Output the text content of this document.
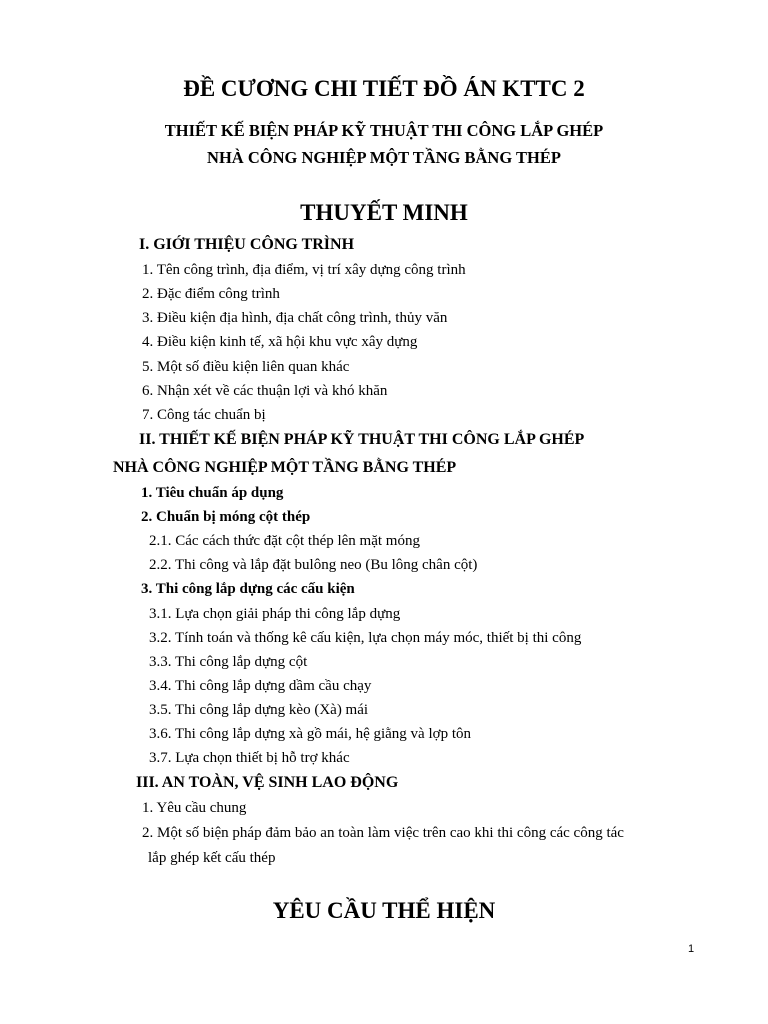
ĐỀ CƯƠNG CHI TIẾT ĐỒ ÁN KTTC 2
THIẾT KẾ BIỆN PHÁP KỸ THUẬT THI CÔNG LẮP GHÉP
NHÀ CÔNG NGHIỆP MỘT TẦNG BẰNG THÉP
THUYẾT MINH
I. GIỚI THIỆU CÔNG TRÌNH
1. Tên công trình, địa điểm, vị trí xây dựng công trình
2. Đặc điểm công trình
3. Điều kiện địa hình, địa chất công trình, thủy văn
4. Điều kiện kinh tế, xã hội khu vực xây dựng
5. Một số điều kiện liên quan khác
6. Nhận xét về các thuận lợi và khó khăn
7. Công tác chuẩn bị
II. THIẾT KẾ BIỆN PHÁP KỸ THUẬT THI CÔNG LẮP GHÉP
NHÀ CÔNG NGHIỆP MỘT TẦNG BẰNG THÉP
1. Tiêu chuẩn áp dụng
2. Chuẩn bị móng cột thép
2.1. Các cách thức đặt cột thép lên mặt móng
2.2. Thi công và lắp đặt bulông neo (Bu lông chân cột)
3. Thi công lắp dựng các cấu kiện
3.1. Lựa chọn giải pháp thi công lắp dựng
3.2. Tính toán và thống kê cấu kiện, lựa chọn máy móc, thiết bị thi công
3.3. Thi công lắp dựng cột
3.4. Thi công lắp dựng dầm cầu chạy
3.5. Thi công lắp dựng kèo (Xà) mái
3.6. Thi công lắp dựng xà gồ mái, hệ giằng và lợp tôn
3.7. Lựa chọn thiết bị hỗ trợ khác
III. AN TOÀN, VỆ SINH LAO ĐỘNG
1. Yêu cầu chung
2. Một số biện pháp đảm bảo an toàn làm việc trên cao khi thi công các công tác
lắp ghép kết cấu thép
YÊU CẦU THỂ HIỆN
1
